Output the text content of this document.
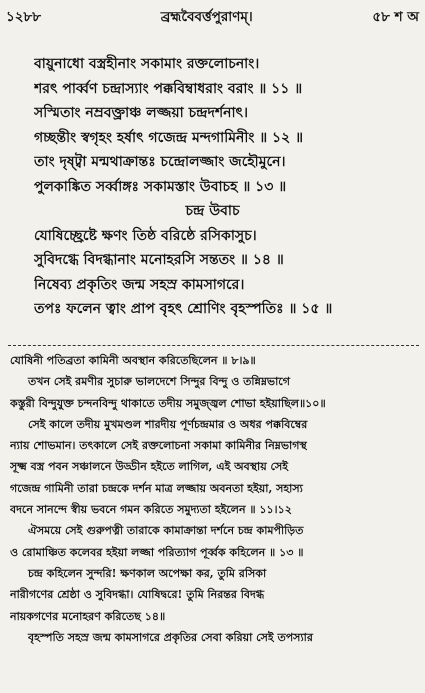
১২৮৮	ব্রহ্মবৈবর্ত্তপুরাণম্।	৫৮ শ অ
বায়ুনাধো বস্ত্রহীনাং সকামাং রক্তলোচনাং।
শরৎ পার্ব্বণ চন্দ্রাস্যাং পক্কবিম্বাধরাং বরাং ॥ ১১ ॥
সস্মিতাং নম্রবক্ত্রাঞ্চ লজ্জয়া চন্দ্রদর্শনাৎ।
গচ্ছন্তীং স্বগৃহং হর্ষাৎ গজেন্দ্র মন্দগামিনীং ॥ ১২ ॥
তাং দৃষ্ট্বা মন্মথাক্রান্তঃ চন্দ্রোলজ্জাং জহৌমুনে।
পুলকাঙ্কিত সর্ব্বাঙ্গঃ সকামস্তাং উবাচহ ॥ ১৩ ॥
চন্দ্র উবাচ
যোষিচ্ছ্রেষ্টে ক্ষণং তিষ্ঠ বরিষ্ঠে রসিকাসুচ।
সুবিদগ্ধে বিদগ্ধানাং মনোহরসি সন্ততং ॥ ১৪ ॥
নিষেব্য প্রকৃতিং জন্ম সহস্র কামসাগরে।
তপঃ ফলেন ত্বাং প্রাপ বৃহৎ শ্রোণিং বৃহস্পতিঃ ॥ ১৫ ॥
যোষিনী পতিব্রতা কামিনী অবস্থান করিতেছিলেন ॥ ৮।৯॥
তখন সেই রমণীর সুচারু ভালদেশে সিন্দুর বিন্দু ও তন্নিম্নভাগে
কস্তুরী বিন্দুযুক্ত চন্দনবিন্দু থাকাতে তদীয় সমুজ্জ্বল শোভা হইয়াছিল॥১০॥
সেই কালে তদীয় মুখমণ্ডল শারদীয় পূর্ণচন্দ্রমার ও অধর পক্কবিম্বের
ন্যায় শোভমান। তৎকালে সেই রক্তলোচনা সকামা কামিনীর নিম্নভাগস্থ
সূক্ষ্ম বস্ত্র পবন সঞ্চালনে উড্ডীন হইতে লাগিল, এই অবস্থায় সেই
গজেন্দ্র গামিনী তারা চন্দ্রকে দর্শন মাত্র লজ্জায় অবনতা হইয়া, সহাস্য
বদনে সানন্দে স্বীয় ভবনে গমন করিতে সমুদ্যতা হইলেন ॥ ১১।১২
ঐসময়ে সেই গুরুপত্নী তারাকে কামাক্রান্তা দর্শনে চন্দ্র কামপীড়িত
ও রোমাঞ্চিত কলেবর হইয়া লজ্জা পরিত্যাগ পূর্ব্বক কহিলেন ॥ ১৩ ॥
চন্দ্র কহিলেন সুন্দরি! ক্ষণকাল অপেক্ষা কর, তুমি রসিকা
নারীগণের শ্রেষ্ঠা ও সুবিদগ্ধা। যোষিদ্বরে! তুমি নিরন্তর বিদগ্ধ
নায়কগণের মনোহরণ করিতেছ ১৪॥
বৃহস্পতি সহস্র জন্ম কামসাগরে প্রকৃতির সেবা করিয়া সেই তপস্যার
